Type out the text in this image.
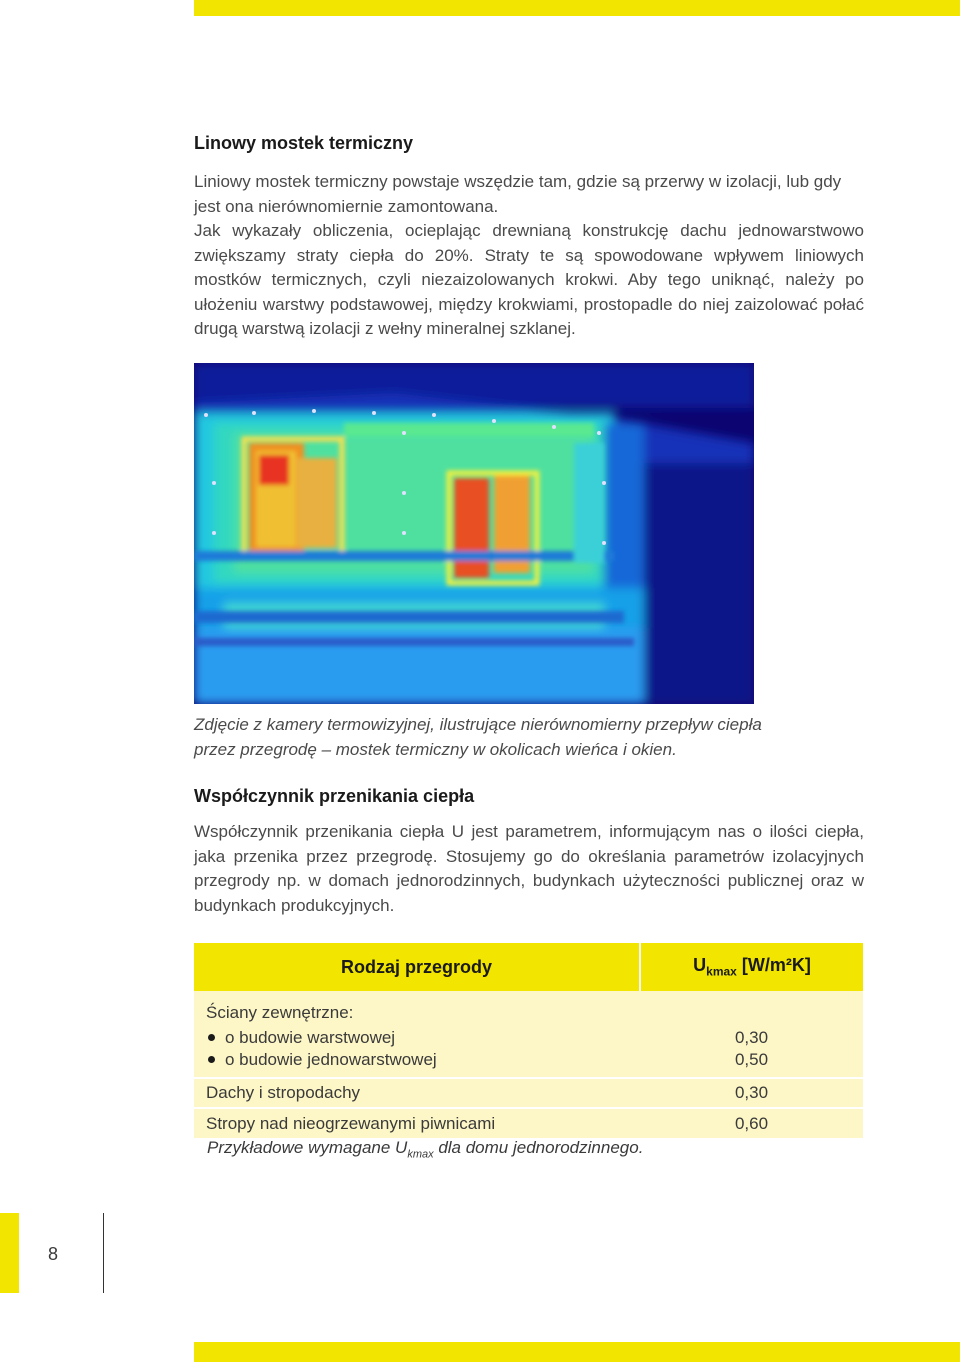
Linowy mostek termiczny

Liniowy mostek termiczny powstaje wszędzie tam, gdzie są przerwy w izolacji, lub gdy jest ona nierównomiernie zamontowana.

Jak wykazały obliczenia, ocieplając drewnianą konstrukcję dachu jednowarstwowo zwiększamy straty ciepła do 20%. Straty te są spowodowane wpływem liniowych mostków termicznych, czyli niezaizolowanych krokwi. Aby tego uniknąć, należy po ułożeniu warstwy podstawowej, między krokwiami, prostopadle do niej zaizolować połać drugą warstwą izolacji z wełny mineralnej szklanej.

Zdjęcie z kamery termowizyjnej, ilustrujące nierównomierny przepływ ciepła przez przegrodę – mostek termiczny w okolicach wieńca i okien.

Współczynnik przenikania ciepła

Współczynnik przenikania ciepła U jest parametrem, informującym nas o ilości ciepła, jaka przenika przez przegrodę. Stosujemy go do określania parametrów izolacyjnych przegrody np. w domach jednorodzinnych, budynkach użyteczności publicznej oraz w budynkach produkcyjnych.

Rodzaj przegrody	$U_{kmax}$ [W/m²K]
Ściany zewnętrzne:	
o budowie warstwowej	0,30
o budowie jednowarstwowej	0,50
Dachy i stropodachy	0,30
Stropy nad nieogrzewanymi piwnicami	0,60
Przykładowe wymagane $U_{kmax}$ dla domu jednorodzinnego.
8
